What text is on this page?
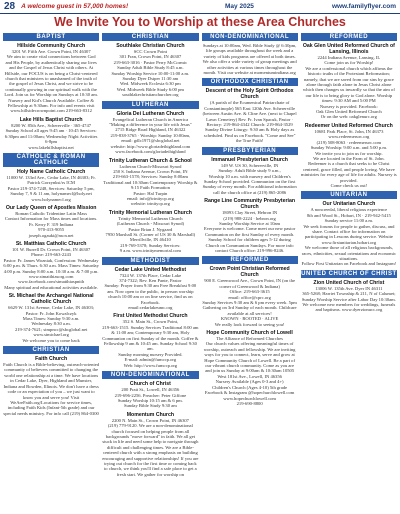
28 A welcome guest in 57,000 homes!	May 2025	www.familyflyer.com
We Invite You to Worship at these Area Churches
BAPTIST
Hillside Community Church
3201 W. Fifth Ave. Crown Point, IN 46307
We aim to create vital connections between God and His People, by authentically sharing our lives and the Gospel of Jesus Christ with others. At Hillside, our FOCUS is on being a Christ-centered church that ministers to unashamed of the truth of the gospel of Jesus Christ, and we strive to be continually growing in our spiritual walk with the Lord. Join us for Worship on Sundays at 10:30 am. Nursery and Kid's Church Available. Coffee & Fellowship at 9:30am. For info and events visit www.hillsidecrownpoint.com 219-663-8312
Lake Hills Baptist Church
8200 W. 85th Ave., Schererville · 365-4747
Sunday School all ages 9:45 am · 10:45 Services: 6:30pm and 11:00am; Wednesday Night Activities 6-8pm
www.lakehillsbaptist.net
CATHOLIC & ROMAN CATHOLIC
Holy Name Catholic Church
11000 W. 133rd Ave., Cedar Lake, IN 46303; Fr. Patrick Gorzynksi/rs ICM
Pastor 219-374-7248, Services: Saturday 5 pm, Sunday 7, 9 & 11 am, holynamecl@holy.net
www.holynamecl.org
Our Lady Queen of Apostles Mission
Roman Catholic Tridentine Latin Mass
Contact Information for Mass times and locations. Fr. Kerry F. 319 Indiana
970-413-9055
joseph.ogauki@ascn.net
St. Matthias Catholic Church
101 W. Burrell Dr. Crown Point, IN 46307
Phone: 219-663-2243
Pastor: Fr. James Wozniak, Confession: Wednesday 6:00 p.m. & Thurs. 6:30 a.m. Mass Times: Saturday 4:00 p.m. Sunday 8:00 a.m. 10:30 a.m. & 7:00 p.m.
www.stmatthiasorg.com
www.facebook.com/stmatthiaspnith
Many spiritual and educational activities available.
St. Michael the Archangel National Catholic Church
6629 W. 131st Avenue, Cedar Lake, IN 46303; Pastor: Fr. John Kowalczyk
Mass Times: Sunday 9:30 a.m.
Wednesday 8:30 a.m.
219-374-7621; stmpncc@sbcglobal.net
www.stmichael.org
We welcome you to come back
CHRISTIAN
Faith Church
Faith Church is a Bible-believing, outreach-oriented community of believers committed to changing the world one relationship at a time. We have locations in Cedar Lake, Dyer, Highland and Munster, Indiana and Bowden, Illinois. We don't have a dress code or an expectation of you – we just want to know you and serve you! Visit WeAreFaith.org/Locations for service times, including Faith Kids (Infant-5th grade) and our special needs ministry. For info call (219) 864-0300
CHRISTIAN
Southlake Christian Church
SCC Crown Point
301 Fran, Crown Point, IN 46307
219-663-3016 · Pastor Perry McCormic
Sunday Adult Bible Study 8:45 a.m.
Sunday Worship Service 10:00-11:00 a.m.
Sunday Dyer Dstper 11:30 am
Wed. Midweek Ecclesia 6:30 pm
Wed. Midweek Bible Study 6:00 pm
southlakechristianchurcher.org
LUTHERAN
Gloria Dei Lutheran Church
Evangelical Lutheran Church in America
"Making a difference in your life with Jesus"
2715 Ridge Road Highland, IN 46322
219-838-3765 · Worship: Sunday 10:00am,
email: gdlc1971@sbcglobal.net
website: http://www.gloriadeihighland.com
www.facebook.com/gloriadeihighland
Trinity Lutheran Church & School
Lutheran Church-Missouri Synod
250 S. Indiana Avenue, Crown Point, IN
219-663-1578; Services: Sunday 8:00am Traditional and 10:30am Contemporary Worship & 9:15 Faith Formation
Pastor: Hal Turpin
email: info@trinitycp.org
website: trinitycp.org
Trinity Memorial Lutheran Church
Trinity Memorial Lutheran Church
(Lutheran Church - Missouri Synod)
Pastor Brian J. Nygaard
7950 Marshall St. (Corner of US 30 & Marshall) Merrillville, IN 46410
219-769-5378; Sunday Services:
9 a.m. www.trinitymemorial.com
METHODIST
Cedar Lake United Methodist
7324 W. 137th Place, Cedar Lake
374-7322; Rev. Ken Pante, Pastor
Sunday: Prayer from 9:30 am Free Breakfast 9:00 am. Now open to the public, in person worship church 10:00 am or on line service, find us on Facebook.
email:cedarlakeumc.org
First United Methodist Church
352 S. Main St., Crown Point,
219-663-1515. Sunday Services Traditional 8:00 am & 11:00 am; Contemporary 9:30 am, Holy Communion on first Sunday of the month. Coffee & Fellowship 9 am & 10:45 am. Sunday School 9:30 am.
Sunday morning nursery Provided.
E-mail: admin@fumccp.org
Web: http://www.fumccp.org
NON-DENOMINATIONAL
Church of Christ
200 Pratt St., Lowell, IN 46356
219-696-2256. Preacher: Peter Giffone
Sunday Worship 10:15 am & 6 pm.
Sunday Bible Study 9:30 am
Momentum Church
2200 N. Main St., Crown Point, IN 46307
(219) 779-9120. We are a non-denominational church focused on helping people from all backgrounds "move forward" in faith. We all get stuck in life and need some help to navigate through difficult and challenging times. We are a Bible-centered church with a strong emphasis on building encouraging and supportive relationships! If you are trying out church for the first time or coming back to church, we think you'll find a safe place to get a fresh start. We gather for worship on
NON-DENOMINATIONAL
Sundays at 10:00am, Wed. Bible Study @ 6:30pm, life groups available throughout the week and a variety of kids programs are offered at both times. We also offer a wide variety of group meetings and other activities at various times throughout the month. Visit our website at momentumindiana.org
ORTHODOX CHRISTIAN
Descent of the Holy Spirit Orthodox Church
(A parish of the Ecumenical Patriarchate of Constantinople) 565 East 120th Ave. Schererville (between Austin Ave. & Cline Ave. (next to Chapel Lawn Cemetery) Rev. Fr. Ivan Spacuk, Pastor · Rectory: 219-864-4342 Church: 219-864-3529 Sunday Divine Liturgy: 9:30 am & Holy days as scheduled. Find us on Facebook. "Come and See" the True Faith!
PRESBYTERIAN
Immanuel Presbyterian Church
149 W. US 30, Schererville, IN
Sunday: Adult Bible study 9 a.m.,
Worship 10 a.m. with nursery and Children's Sunday School provided. Communion on the first Sunday of every month. For additional information call the church office at (219) 865-2086
Range Line Community Presbyterian Church
18093 Clay Street, Hebron IN
(219) 988-2224 · hebron.org
Sunday Worship Service at 10am
Everyone is welcome. Come meet our new pastor Communion on the first Sunday of every month. Sunday School for children ages 5-12 during Church on Communion Sundays. For more info contact Church office: 219-996-8246.
REFORMED
Crown Point Christian Reformed Church
900 E. Greenwood Ave., Crown Point, IN (on the corner of Greenwood & Indiana)
Office: 219-663-3615
email: office@cprc.org
Sunday Services 9:30 am & 6 pm every week. 5pm Gathering on 3rd Sunday of each month. Childcare available at all services!
KNOWN · ROOTED · ALIVE
We really look forward to seeing you!
Hope Community Church of Lowell
The Alliance of Reformed Churches
Our church values offering meaningful times of worship, outreach and fellowship. We are inviting ways for you to connect, learn, serve and grow at Hope Community Church of Lowell. Be a part of our vibrant church community. Come as you are and join us Sunday at 9:00am & 10:30am 10505 West 181st Ave., Lowell, IN 46356
Nursery Available (Ages 0-3 and 4+)
Children's Church (Ages 4-10) 5th grade
Facebook & Instagram @hopechurchlowell.com www.hopechurchlowell.com
219-690-8800
REFORMED
Oak Glen United Reformed Church of Lansing, Illinois
2244 Indiana Avenue, Lansing, IL
Come join us for Worship!
We are a confessional church which affirms the historic truths of the Protestant Reformation; namely, that we are saved from our sins by grace alone through faith alone in Jesus Christ alone which then changes us inwardly so that the aim of our life is to bring glory to God alone. Worship times: 9:30 AM and 5:00 PM
Nursery is provided. Facebook:
Oak Glen United Reformed Church
Or on the web: oakglenurc.org
Redeemer United Reformed Church
10681 Park Place, St. John, IN 46373
www.redeemerurc.org
(219) 508-8063 · redeemerurc.com
Sunday Worship: 9:00 a.m. and 5:00 p.m.
We invite you to join us for worship.
We are located in the Farm of St. John.
Redeemer is a church that seeks to be Christ centered, grace filled, and people loving. We have ministries for every age of life for adults. Nursery is provided.
Come check us out!
UNITARIAN
Our Unitarian Church
A noncreedal, liberal religious experience
8th and Wood St., Hobart, IN · 219-942-5415
Sunday service 11:00 a.m.
We seek forums for people to gather, discuss, and share. Contact office for information on participating in Lessons during service. Website www.firstunitarian.hobart.org
We welcome those of all religious backgrounds, races, ethnicities, sexual orientations and economic situations.
Follow First Unitarian on Facebook and Instagram!
UNITED CHURCH OF CHRIST
Zion United Church of Christ
13006 W. 135th Ave. Dyer IN 46311
365-5268; Harriet Township & 211, N of Calumet; Sunday Worship Service after Labor Day 10:30am. We welcome new members for weddings, funerals and baptisms. www.dyerzionucc.org
